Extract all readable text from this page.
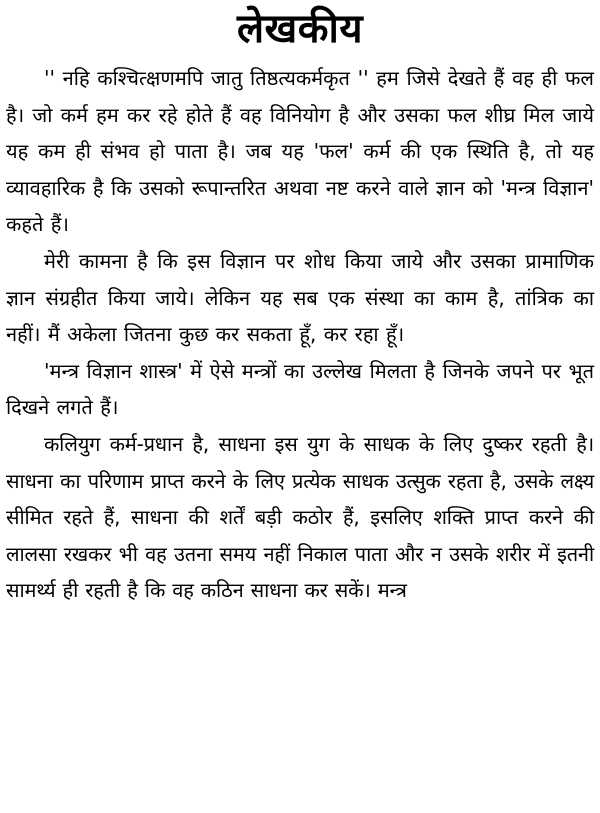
लेखकीय

'' नहि कश्चित्क्षणमपि जातु तिष्ठत्यकर्मकृत '' हम जिसे देखते हैं वह ही फल है। जो कर्म हम कर रहे होते हैं वह विनियोग है और उसका फल शीघ्र मिल जाये यह कम ही संभव हो पाता है। जब यह 'फल' कर्म की एक स्थिति है, तो यह व्यावहारिक है कि उसको रूपान्तरित अथवा नष्ट करने वाले ज्ञान को 'मन्त्र विज्ञान' कहते हैं।

मेरी कामना है कि इस विज्ञान पर शोध किया जाये और उसका प्रामाणिक ज्ञान संग्रहीत किया जाये। लेकिन यह सब एक संस्था का काम है, तांत्रिक का नहीं। मैं अकेला जितना कुछ कर सकता हूँ, कर रहा हूँ।

'मन्त्र विज्ञान शास्त्र' में ऐसे मन्त्रों का उल्लेख मिलता है जिनके जपने पर भूत दिखने लगते हैं।

कलियुग कर्म-प्रधान है, साधना इस युग के साधक के लिए दुष्कर रहती है। साधना का परिणाम प्राप्त करने के लिए प्रत्येक साधक उत्सुक रहता है, उसके लक्ष्य सीमित रहते हैं, साधना की शर्तें बड़ी कठोर हैं, इसलिए शक्ति प्राप्त करने की लालसा रखकर भी वह उतना समय नहीं निकाल पाता और न उसके शरीर में इतनी सामर्थ्य ही रहती है कि वह कठिन साधना कर सकें। मन्त्र
